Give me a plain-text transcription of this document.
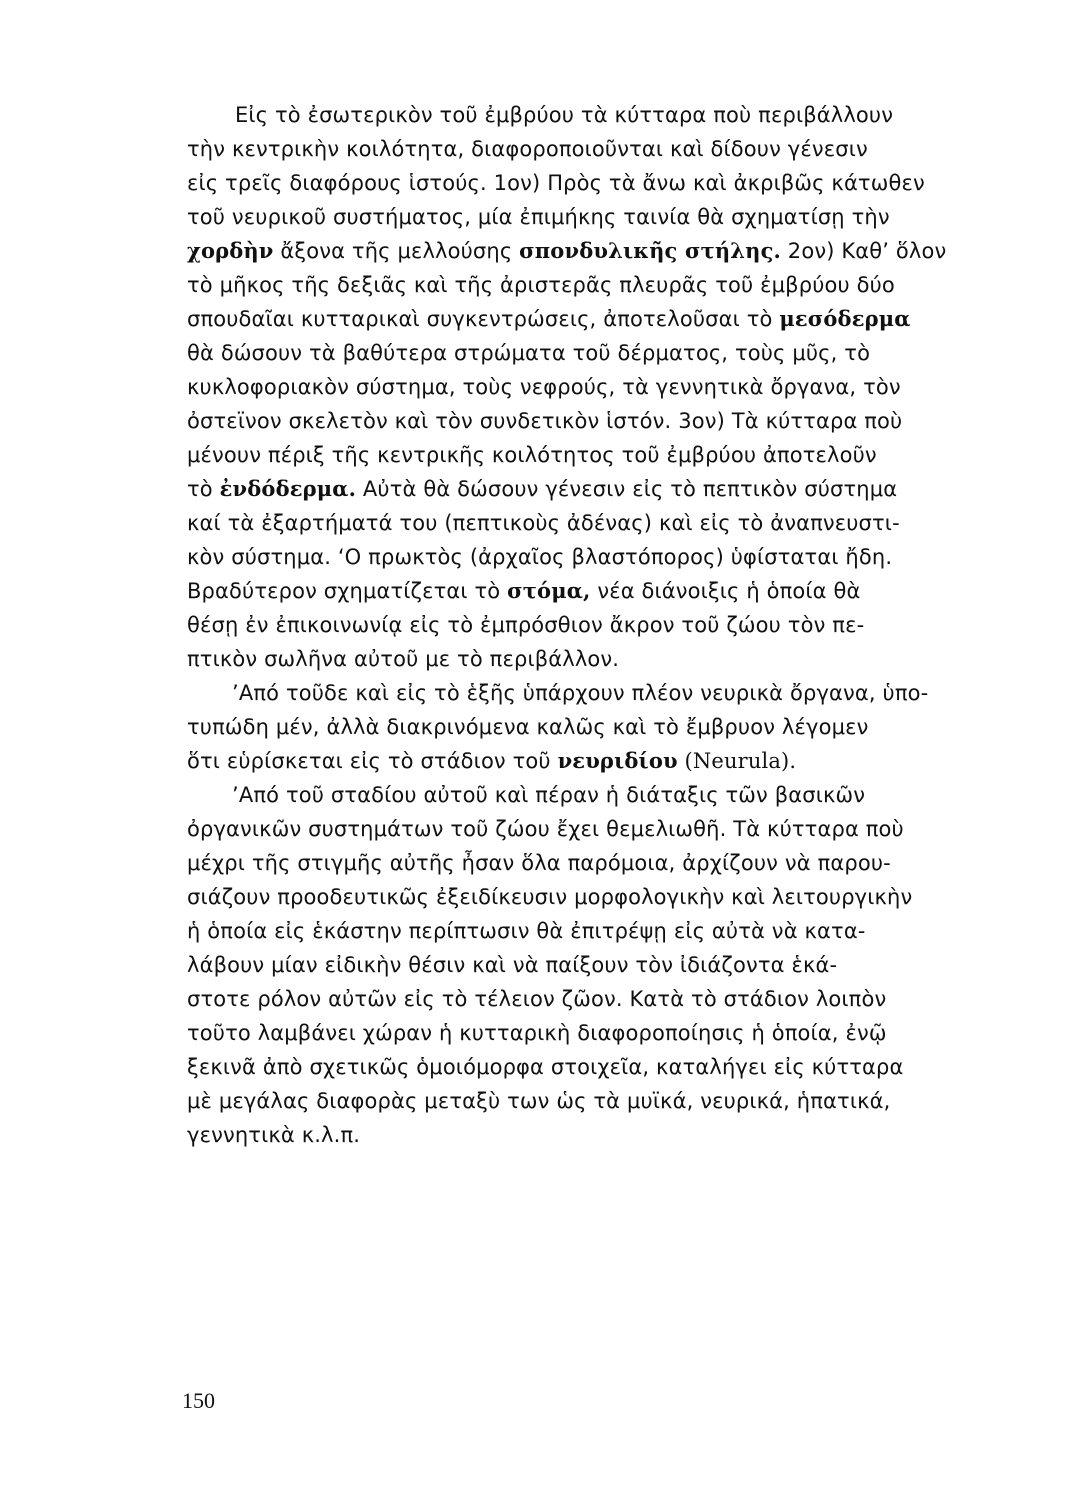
Εἰς τὸ ἐσωτερικὸν τοῦ ἐμβρύου τὰ κύτταρα ποὺ περιβάλλουν
τὴν κεντρικὴν κοιλότητα, διαφοροποιοῦνται καὶ δίδουν γένεσιν
εἰς τρεῖς διαφόρους ἱστούς. 1ον) Πρὸς τὰ ἄνω καὶ ἀκριβῶς κάτωθεν
τοῦ νευρικοῦ συστήματος, μία ἐπιμήκης ταινία θὰ σχηματίσῃ τὴν
χορδὴν ἄξονα τῆς μελλούσης σπονδυλικῆς στήλης. 2ον) Καθ’ ὅλον
τὸ μῆκος τῆς δεξιᾶς καὶ τῆς ἀριστερᾶς πλευρᾶς τοῦ ἐμβρύου δύο
σπουδαῖαι κυτταρικαὶ συγκεντρώσεις, ἀποτελοῦσαι τὸ μεσόδερμα
θὰ δώσουν τὰ βαθύτερα στρώματα τοῦ δέρματος, τοὺς μῦς, τὸ
κυκλοφοριακὸν σύστημα, τοὺς νεφρούς, τὰ γεννητικὰ ὄργανα, τὸν
ὀστεϊνον σκελετὸν καὶ τὸν συνδετικὸν ἱστόν. 3ον) Τὰ κύτταρα ποὺ
μένουν πέριξ τῆς κεντρικῆς κοιλότητος τοῦ ἐμβρύου ἀποτελοῦν
τὸ ἐνδόδερμα. Αὐτὰ θὰ δώσουν γένεσιν εἰς τὸ πεπτικὸν σύστημα
καί τὰ ἐξαρτήματά του (πεπτικοὺς ἀδένας) καὶ εἰς τὸ ἀναπνευστι-
κὸν σύστημα. ‘Ο πρωκτὸς (ἀρχαῖος βλαστόπορος) ὑφίσταται ἤδη.
Βραδύτερον σχηματίζεται τὸ στόμα, νέα διάνοιξις ἡ ὁποία θὰ
θέσῃ ἐν ἐπικοινωνίᾳ εἰς τὸ ἐμπρόσθιον ἄκρον τοῦ ζώου τὸν πε-
πτικὸν σωλῆνα αὐτοῦ με τὸ περιβάλλον.
’Από τοῦδε καὶ εἰς τὸ ἑξῆς ὑπάρχουν πλέον νευρικὰ ὄργανα, ὑπο-
τυπώδη μέν, ἀλλὰ διακρινόμενα καλῶς καὶ τὸ ἔμβρυον λέγομεν
ὅτι εὑρίσκεται εἰς τὸ στάδιον τοῦ νευριδίου (Neurula).
’Από τοῦ σταδίου αὐτοῦ καὶ πέραν ἡ διάταξις τῶν βασικῶν
ὀργανικῶν συστημάτων τοῦ ζώου ἔχει θεμελιωθῆ. Τὰ κύτταρα ποὺ
μέχρι τῆς στιγμῆς αὐτῆς ἦσαν ὅλα παρόμοια, ἀρχίζουν νὰ παρου-
σιάζουν προοδευτικῶς ἐξειδίκευσιν μορφολογικὴν καὶ λειτουργικὴν
ἡ ὁποία εἰς ἑκάστην περίπτωσιν θὰ ἐπιτρέψῃ εἰς αὐτὰ νὰ κατα-
λάβουν μίαν εἰδικὴν θέσιν καὶ νὰ παίξουν τὸν ἰδιάζοντα ἑκά-
στοτε ρόλον αὐτῶν εἰς τὸ τέλειον ζῶον. Κατὰ τὸ στάδιον λοιπὸν
τοῦτο λαμβάνει χώραν ἡ κυτταρικὴ διαφοροποίησις ἡ ὁποία, ἐνῷ
ξεκινᾶ ἀπὸ σχετικῶς ὁμοιόμορφα στοιχεῖα, καταλήγει εἰς κύτταρα
μὲ μεγάλας διαφορὰς μεταξὺ των ὡς τὰ μυϊκά, νευρικά, ἡπατικά,
γεννητικὰ κ.λ.π.
150
